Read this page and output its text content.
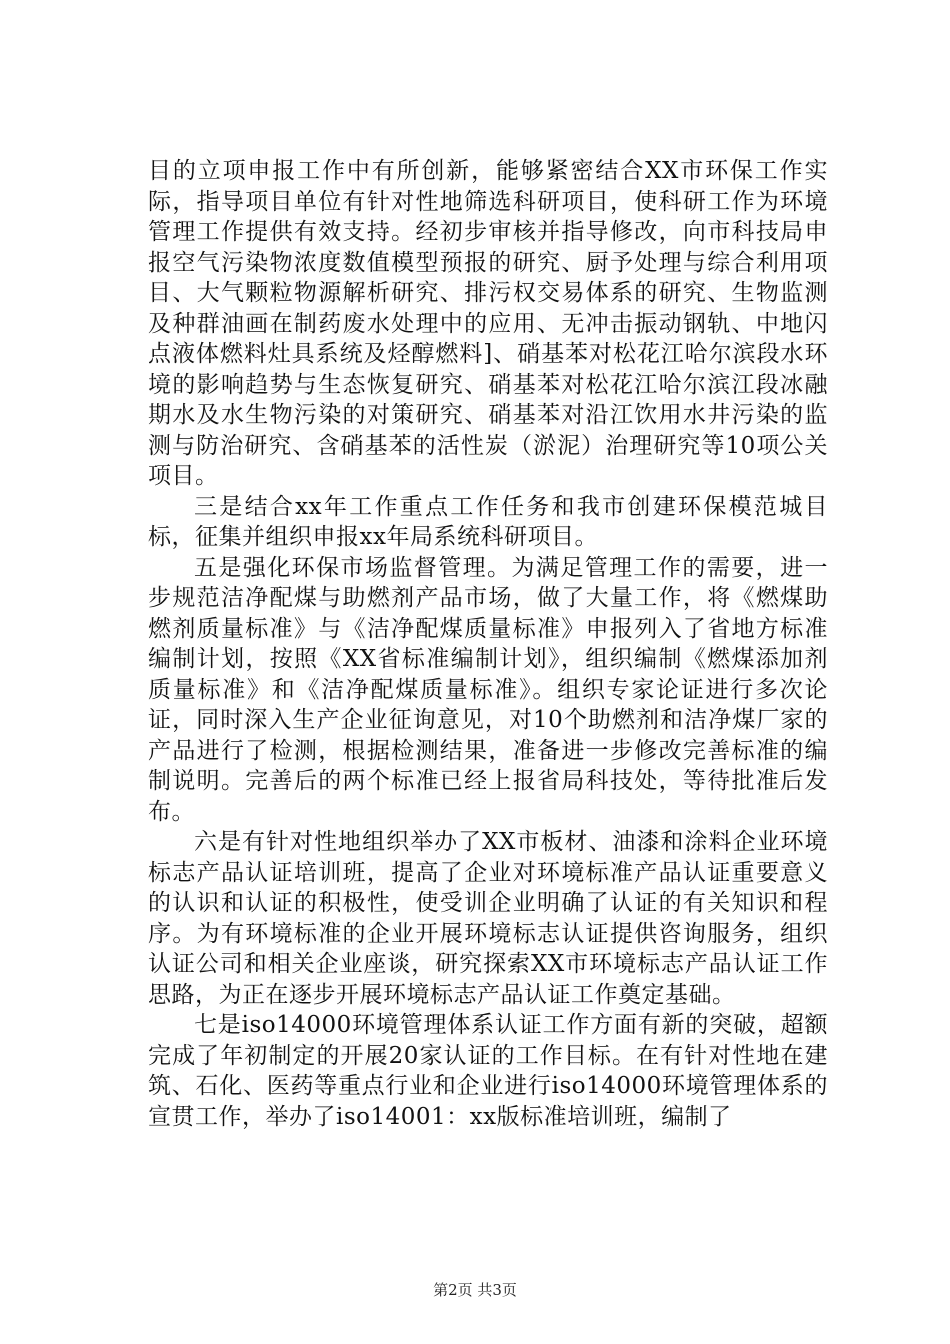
目的立项申报工作中有所创新，能够紧密结合XX市环保工作实际，指导项目单位有针对性地筛选科研项目，使科研工作为环境管理工作提供有效支持。经初步审核并指导修改，向市科技局申报空气污染物浓度数值模型预报的研究、厨予处理与综合利用项目、大气颗粒物源解析研究、排污权交易体系的研究、生物监测及种群油画在制药废水处理中的应用、无冲击振动钢轨、中地闪点液体燃料灶具系统及烃醇燃料]、硝基苯对松花江哈尔滨段水环境的影响趋势与生态恢复研究、硝基苯对松花江哈尔滨江段冰融期水及水生物污染的对策研究、硝基苯对沿江饮用水井污染的监测与防治研究、含硝基苯的活性炭（淤泥）治理研究等10项公关项目。

三是结合xx年工作重点工作任务和我市创建环保模范城目标，征集并组织申报xx年局系统科研项目。

五是强化环保市场监督管理。为满足管理工作的需要，进一步规范洁净配煤与助燃剂产品市场，做了大量工作，将《燃煤助燃剂质量标准》与《洁净配煤质量标准》申报列入了省地方标准编制计划，按照《XX省标准编制计划》，组织编制《燃煤添加剂质量标准》和《洁净配煤质量标准》。组织专家论证进行多次论证，同时深入生产企业征询意见，对10个助燃剂和洁净煤厂家的产品进行了检测，根据检测结果，准备进一步修改完善标准的编制说明。完善后的两个标准已经上报省局科技处，等待批准后发布。

六是有针对性地组织举办了XX市板材、油漆和涂料企业环境标志产品认证培训班，提高了企业对环境标准产品认证重要意义的认识和认证的积极性，使受训企业明确了认证的有关知识和程序。为有环境标准的企业开展环境标志认证提供咨询服务，组织认证公司和相关企业座谈，研究探索XX市环境标志产品认证工作思路，为正在逐步开展环境标志产品认证工作奠定基础。

七是iso14000环境管理体系认证工作方面有新的突破，超额完成了年初制定的开展20家认证的工作目标。在有针对性地在建筑、石化、医药等重点行业和企业进行iso14000环境管理体系的宣贯工作，举办了iso14001：xx版标准培训班，编制了

第2页 共3页
